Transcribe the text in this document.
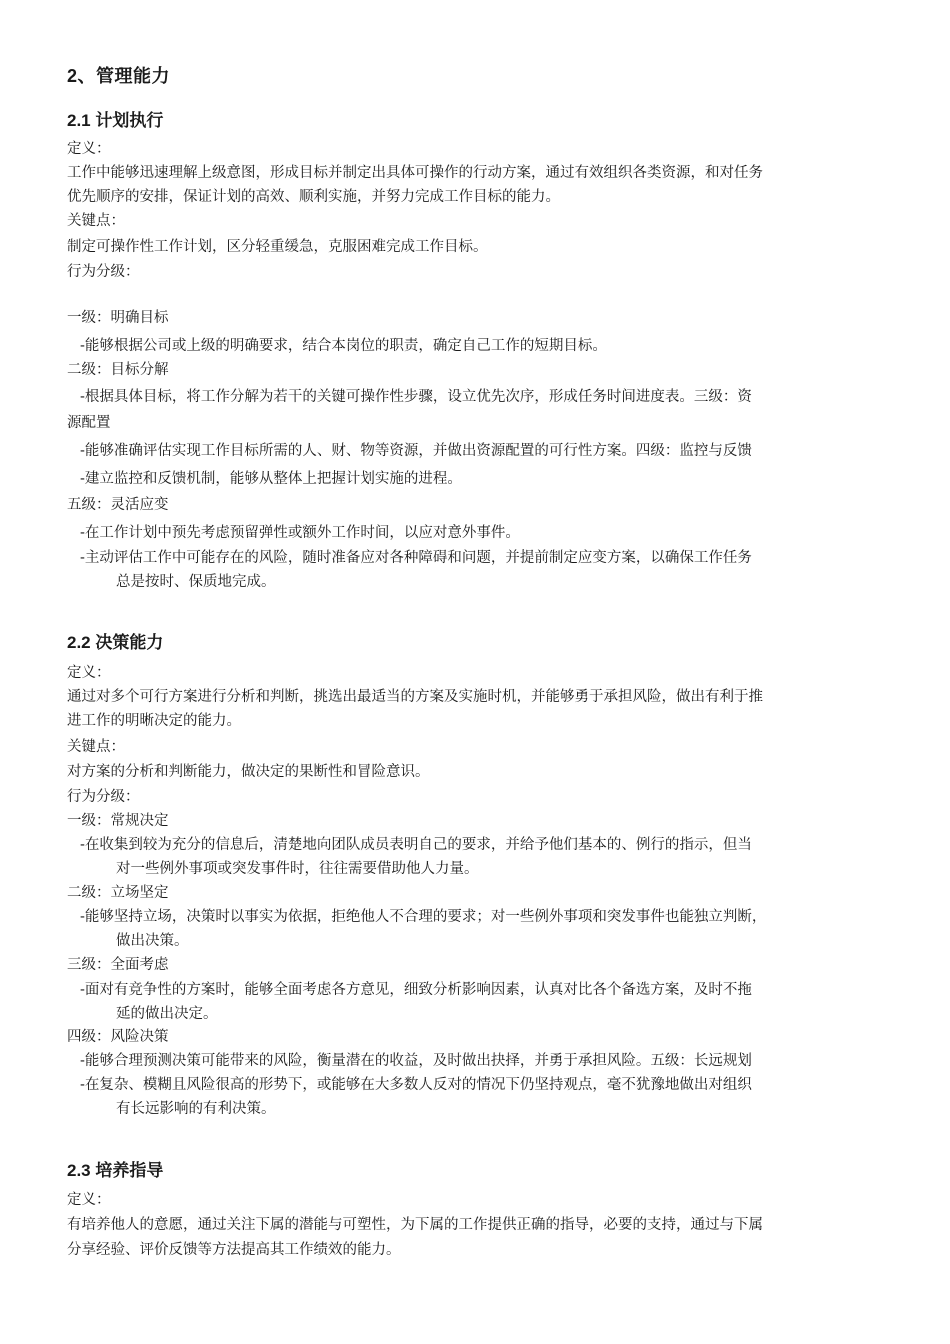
2、管理能力
2.1 计划执行
定义：
工作中能够迅速理解上级意图，形成目标并制定出具体可操作的行动方案，通过有效组织各类资源，和对任务
优先顺序的安排，保证计划的高效、顺利实施，并努力完成工作目标的能力。
关键点：
制定可操作性工作计划，区分轻重缓急，克服困难完成工作目标。
行为分级：
一级：明确目标
-能够根据公司或上级的明确要求，结合本岗位的职责，确定自己工作的短期目标。
二级：目标分解
-根据具体目标，将工作分解为若干的关键可操作性步骤，设立优先次序，形成任务时间进度表。三级：资
源配置
-能够准确评估实现工作目标所需的人、财、物等资源，并做出资源配置的可行性方案。四级：监控与反馈
-建立监控和反馈机制，能够从整体上把握计划实施的进程。
五级：灵活应变
-在工作计划中预先考虑预留弹性或额外工作时间，以应对意外事件。
-主动评估工作中可能存在的风险，随时准备应对各种障碍和问题，并提前制定应变方案，以确保工作任务
总是按时、保质地完成。
2.2 决策能力
定义：
通过对多个可行方案进行分析和判断，挑选出最适当的方案及实施时机，并能够勇于承担风险，做出有利于推
进工作的明晰决定的能力。
关键点：
对方案的分析和判断能力，做决定的果断性和冒险意识。
行为分级：
一级：常规决定
-在收集到较为充分的信息后，清楚地向团队成员表明自己的要求，并给予他们基本的、例行的指示，但当
对一些例外事项或突发事件时，往往需要借助他人力量。
二级：立场坚定
-能够坚持立场，决策时以事实为依据，拒绝他人不合理的要求；对一些例外事项和突发事件也能独立判断，
做出决策。
三级：全面考虑
-面对有竞争性的方案时，能够全面考虑各方意见，细致分析影响因素，认真对比各个备选方案，及时不拖
延的做出决定。
四级：风险决策
-能够合理预测决策可能带来的风险，衡量潜在的收益，及时做出抉择，并勇于承担风险。五级：长远规划
-在复杂、模糊且风险很高的形势下，或能够在大多数人反对的情况下仍坚持观点，毫不犹豫地做出对组织
有长远影响的有利决策。
2.3 培养指导
定义：
有培养他人的意愿，通过关注下属的潜能与可塑性，为下属的工作提供正确的指导，必要的支持，通过与下属
分享经验、评价反馈等方法提高其工作绩效的能力。
